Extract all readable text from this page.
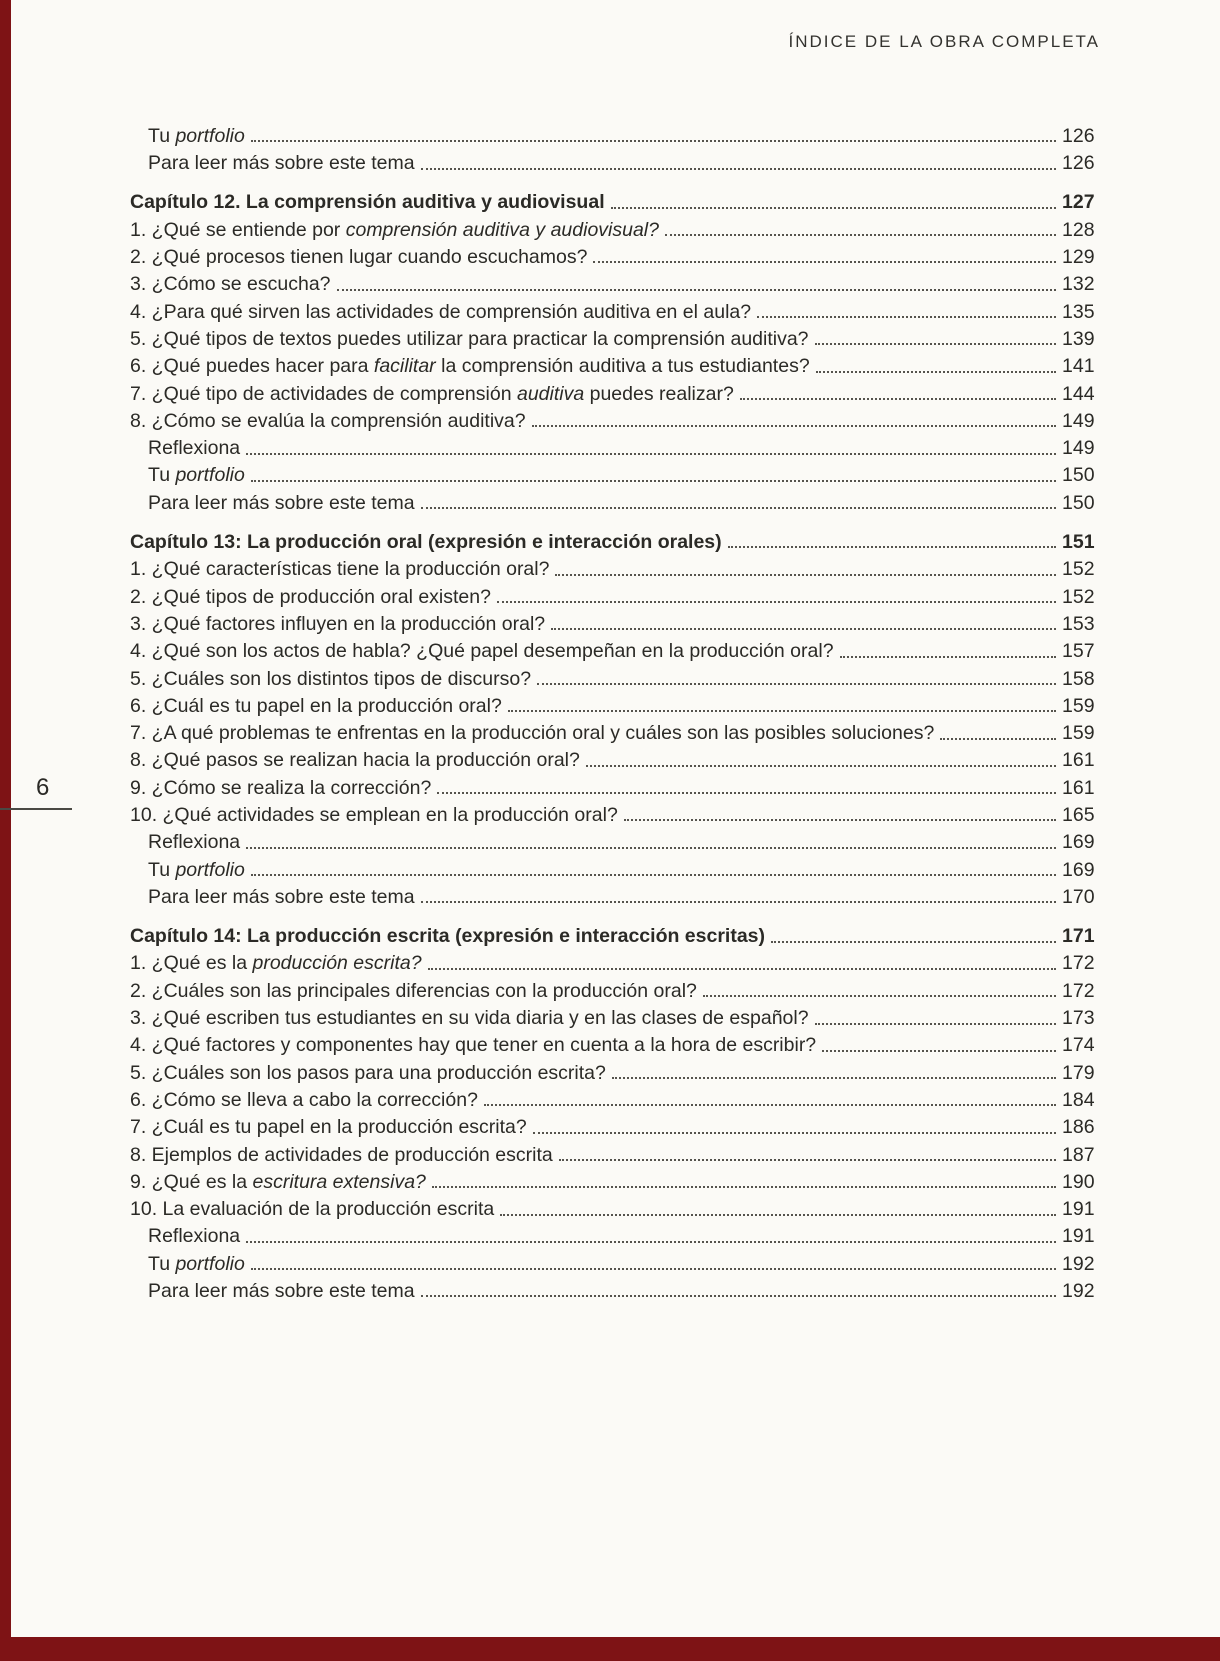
ÍNDICE DE LA OBRA COMPLETA
6
Tu portfolio	126
Para leer más sobre este tema	126
Capítulo 12. La comprensión auditiva y audiovisual	127
1. ¿Qué se entiende por comprensión auditiva y audiovisual?	128
2. ¿Qué procesos tienen lugar cuando escuchamos?	129
3. ¿Cómo se escucha?	132
4. ¿Para qué sirven las actividades de comprensión auditiva en el aula?	135
5. ¿Qué tipos de textos puedes utilizar para practicar la comprensión auditiva?	139
6. ¿Qué puedes hacer para facilitar la comprensión auditiva a tus estudiantes?	141
7. ¿Qué tipo de actividades de comprensión auditiva puedes realizar?	144
8. ¿Cómo se evalúa la comprensión auditiva?	149
Reflexiona	149
Tu portfolio	150
Para leer más sobre este tema	150
Capítulo 13: La producción oral (expresión e interacción orales)	151
1. ¿Qué características tiene la producción oral?	152
2. ¿Qué tipos de producción oral existen?	152
3. ¿Qué factores influyen en la producción oral?	153
4. ¿Qué son los actos de habla? ¿Qué papel desempeñan en la producción oral?	157
5. ¿Cuáles son los distintos tipos de discurso?	158
6. ¿Cuál es tu papel en la producción oral?	159
7. ¿A qué problemas te enfrentas en la producción oral y cuáles son las posibles soluciones?	159
8. ¿Qué pasos se realizan hacia la producción oral?	161
9. ¿Cómo se realiza la corrección?	161
10. ¿Qué actividades se emplean en la producción oral?	165
Reflexiona	169
Tu portfolio	169
Para leer más sobre este tema	170
Capítulo 14: La producción escrita (expresión e interacción escritas)	171
1. ¿Qué es la producción escrita?	172
2. ¿Cuáles son las principales diferencias con la producción oral?	172
3. ¿Qué escriben tus estudiantes en su vida diaria y en las clases de español?	173
4. ¿Qué factores y componentes hay que tener en cuenta a la hora de escribir?	174
5. ¿Cuáles son los pasos para una producción escrita?	179
6. ¿Cómo se lleva a cabo la corrección?	184
7. ¿Cuál es tu papel en la producción escrita?	186
8. Ejemplos de actividades de producción escrita	187
9. ¿Qué es la escritura extensiva?	190
10. La evaluación de la producción escrita	191
Reflexiona	191
Tu portfolio	192
Para leer más sobre este tema	192
